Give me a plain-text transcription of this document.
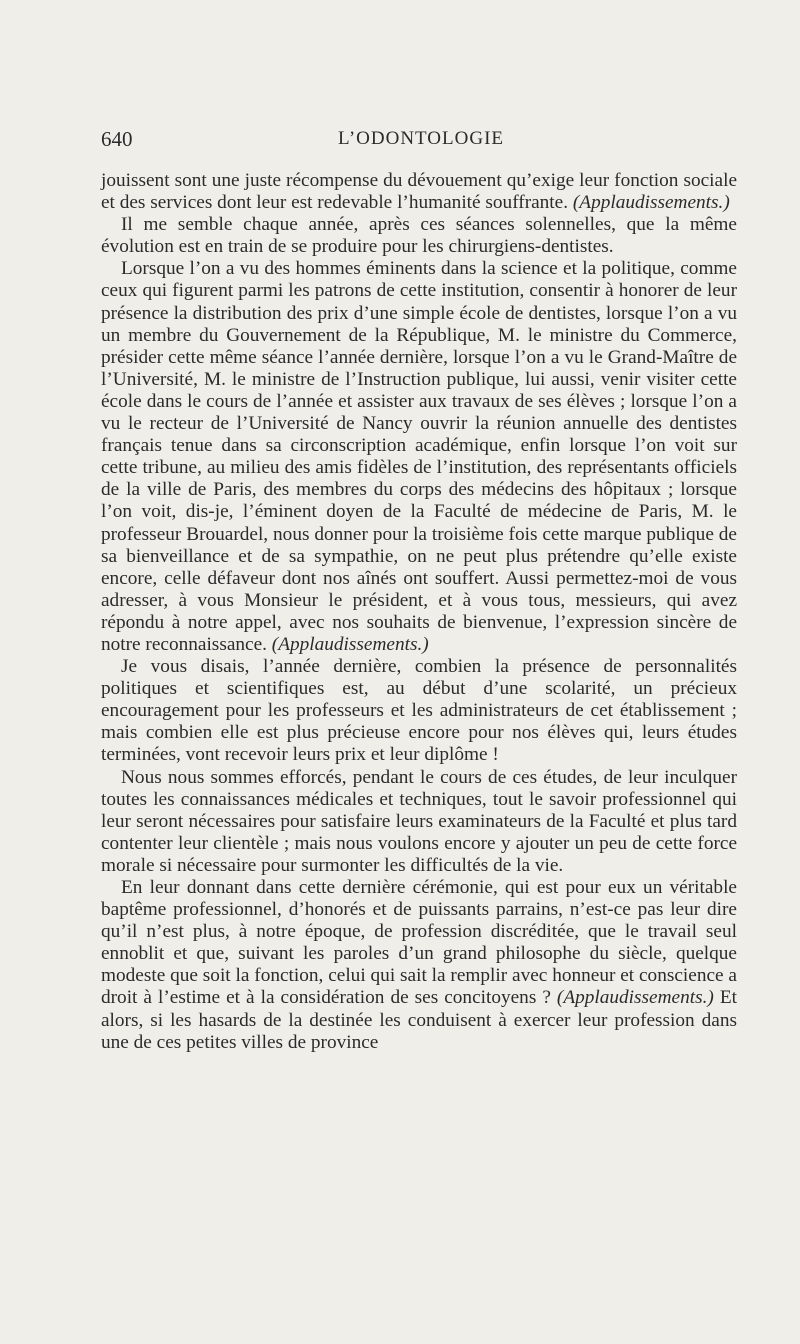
640	L’ODONTOLOGIE

jouissent sont une juste récompense du dévouement qu’exige leur fonction sociale et des services dont leur est redevable l’humanité souffrante. (Applaudissements.)

Il me semble chaque année, après ces séances solennelles, que la même évolution est en train de se produire pour les chirurgiens-dentistes.

Lorsque l’on a vu des hommes éminents dans la science et la politique, comme ceux qui figurent parmi les patrons de cette institution, consentir à honorer de leur présence la distribution des prix d’une simple école de dentistes, lorsque l’on a vu un membre du Gouvernement de la République, M. le ministre du Commerce, présider cette même séance l’année dernière, lorsque l’on a vu le Grand-Maître de l’Université, M. le ministre de l’Instruction publique, lui aussi, venir visiter cette école dans le cours de l’année et assister aux travaux de ses élèves ; lorsque l’on a vu le recteur de l’Université de Nancy ouvrir la réunion annuelle des dentistes français tenue dans sa circonscription académique, enfin lorsque l’on voit sur cette tribune, au milieu des amis fidèles de l’institution, des représentants officiels de la ville de Paris, des membres du corps des médecins des hôpitaux ; lorsque l’on voit, dis-je, l’éminent doyen de la Faculté de médecine de Paris, M. le professeur Brouardel, nous donner pour la troisième fois cette marque publique de sa bienveillance et de sa sympathie, on ne peut plus prétendre qu’elle existe encore, celle défaveur dont nos aînés ont souffert. Aussi permettez-moi de vous adresser, à vous Monsieur le président, et à vous tous, messieurs, qui avez répondu à notre appel, avec nos souhaits de bienvenue, l’expression sincère de notre reconnaissance. (Applaudissements.)

Je vous disais, l’année dernière, combien la présence de personnalités politiques et scientifiques est, au début d’une scolarité, un précieux encouragement pour les professeurs et les administrateurs de cet établissement ; mais combien elle est plus précieuse encore pour nos élèves qui, leurs études terminées, vont recevoir leurs prix et leur diplôme !

Nous nous sommes efforcés, pendant le cours de ces études, de leur inculquer toutes les connaissances médicales et techniques, tout le savoir professionnel qui leur seront nécessaires pour satisfaire leurs examinateurs de la Faculté et plus tard contenter leur clientèle ; mais nous voulons encore y ajouter un peu de cette force morale si nécessaire pour surmonter les difficultés de la vie.

En leur donnant dans cette dernière cérémonie, qui est pour eux un véritable baptême professionnel, d’honorés et de puissants parrains, n’est-ce pas leur dire qu’il n’est plus, à notre époque, de profession discréditée, que le travail seul ennoblit et que, suivant les paroles d’un grand philosophe du siècle, quelque modeste que soit la fonction, celui qui sait la remplir avec honneur et conscience a droit à l’estime et à la considération de ses concitoyens ? (Applaudissements.) Et alors, si les hasards de la destinée les conduisent à exercer leur profession dans une de ces petites villes de province
